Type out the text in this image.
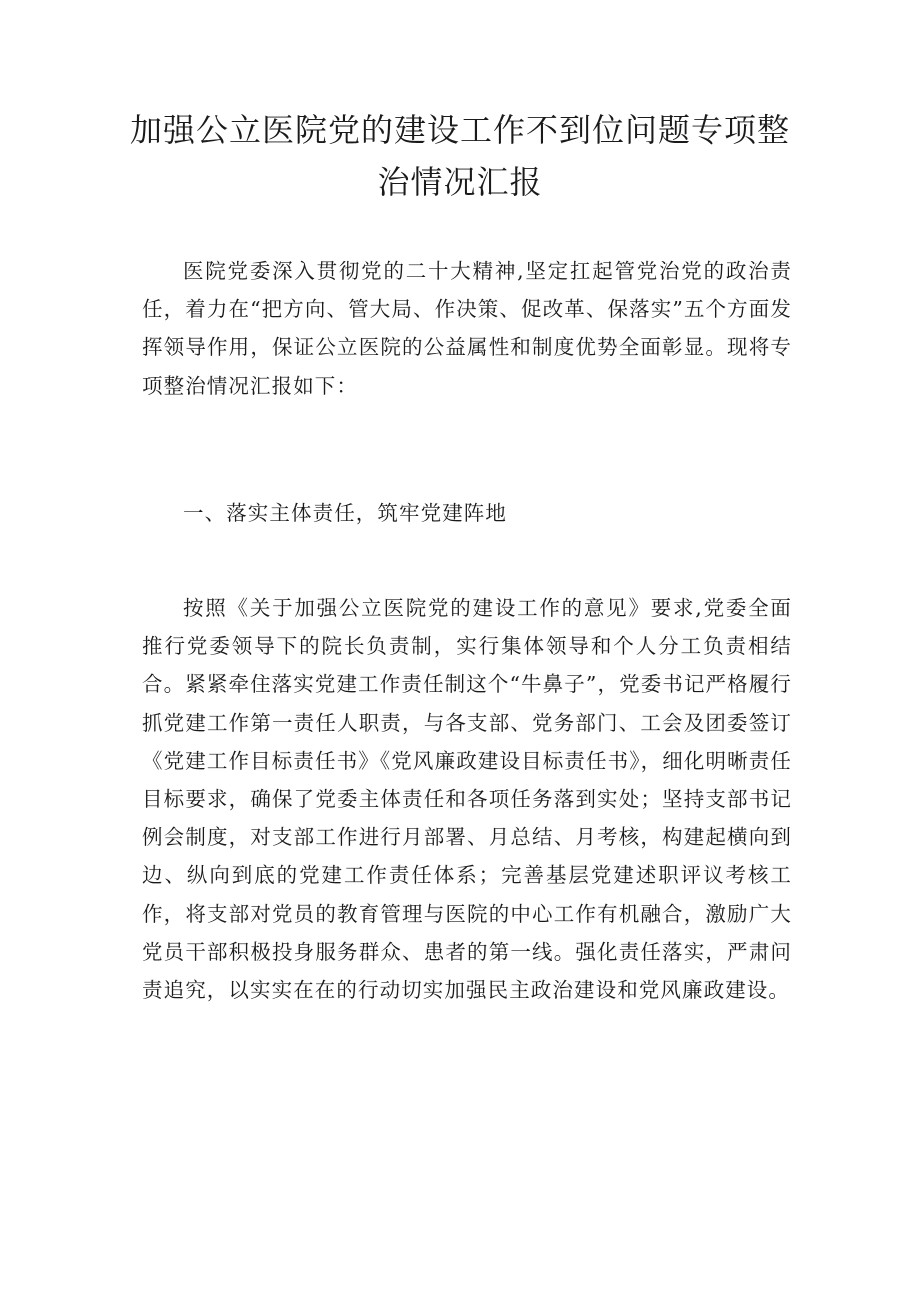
加强公立医院党的建设工作不到位问题专项整治情况汇报

医院党委深入贯彻党的二十大精神,坚定扛起管党治党的政治责任，着力在“把方向、管大局、作决策、促改革、保落实”五个方面发挥领导作用，保证公立医院的公益属性和制度优势全面彰显。现将专项整治情况汇报如下：

一、落实主体责任，筑牢党建阵地

按照《关于加强公立医院党的建设工作的意见》要求,党委全面推行党委领导下的院长负责制，实行集体领导和个人分工负责相结合。紧紧牵住落实党建工作责任制这个“牛鼻子”，党委书记严格履行抓党建工作第一责任人职责，与各支部、党务部门、工会及团委签订《党建工作目标责任书》《党风廉政建设目标责任书》，细化明晰责任目标要求，确保了党委主体责任和各项任务落到实处；坚持支部书记例会制度，对支部工作进行月部署、月总结、月考核，构建起横向到边、纵向到底的党建工作责任体系；完善基层党建述职评议考核工作，将支部对党员的教育管理与医院的中心工作有机融合，激励广大党员干部积极投身服务群众、患者的第一线。强化责任落实，严肃问责追究，以实实在在的行动切实加强民主政治建设和党风廉政建设。
